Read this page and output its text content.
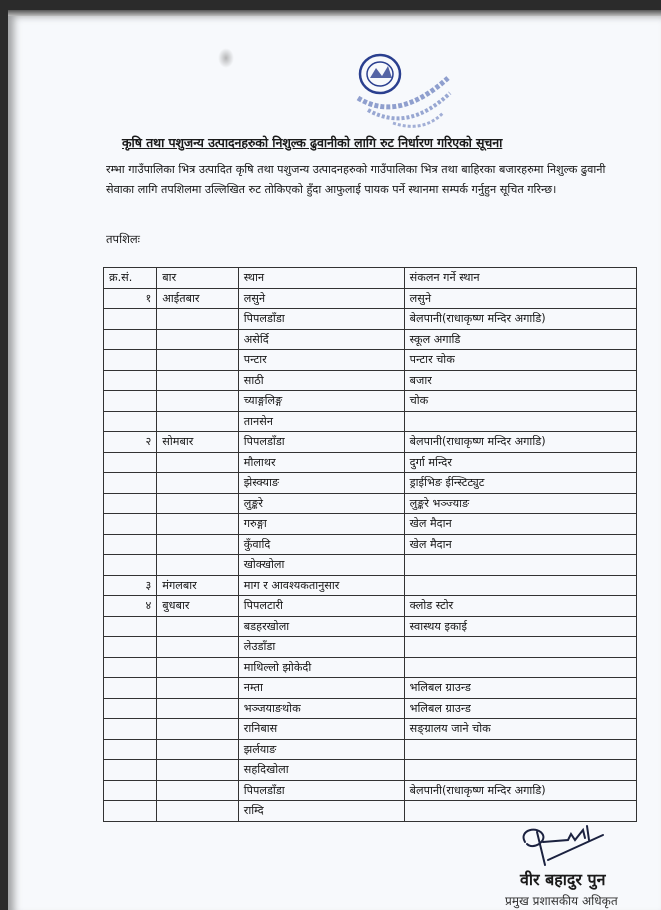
कृषि तथा पशुजन्य उत्पादनहरुको निशुल्क ढुवानीको लागि रुट निर्धारण गरिएको सूचना
रम्भा गाउँपालिका भित्र उत्पादित कृषि तथा पशुजन्य उत्पादनहरुको गाउँपालिका भित्र तथा बाहिरका बजारहरुमा निशुल्क ढुवानी सेवाका लागि तपशिलमा उल्लिखित रुट तोकिएको हुँदा आफुलाई पायक पर्ने स्थानमा सम्पर्क गर्नुहुन सूचित गरिन्छ।
तपशिलः
क्र.सं.	बार	स्थान	संकलन गर्ने स्थान
१	आईतबार	लसुने	लसुने
		पिपलडाँडा	बेलपानी(राधाकृष्ण मन्दिर अगाडि)
		असेर्दि	स्कूल अगाडि
		पन्टार	पन्टार चोक
		साठी	बजार
		च्याङ्गलिङ्ग	चोक
		तानसेन	
२	सोमबार	पिपलडाँडा	बेलपानी(राधाकृष्ण मन्दिर अगाडि)
		मौलाथर	दुर्गा मन्दिर
		झेस्क्याङ	ड्राईभिङ ईन्स्टिट्युट
		लुङ्करे	लुङ्करे भञ्ज्याङ
		गरुङ्गा	खेल मैदान
		कुँवादि	खेल मैदान
		खोक्खोला	
३	मंगलबार	माग र आवश्यकतानुसार	
४	बुधबार	पिपलटारी	क्लोड स्टोर
		बडहरखोला	स्वास्थय इकाई
		लेउडाँडा	
		माथिल्लो झोकेदी	
		नम्ता	भलिबल ग्राउन्ड
		भञ्जयाङथोक	भलिबल ग्राउन्ड
		रानिबास	सङ्ग्रालय जाने चोक
		झर्लयाङ	
		सहदिखोला	
		पिपलडाँडा	बेलपानी(राधाकृष्ण मन्दिर अगाडि)
		राम्दि	
वीर बहादुर पुन
प्रमुख प्रशासकीय अधिकृत
